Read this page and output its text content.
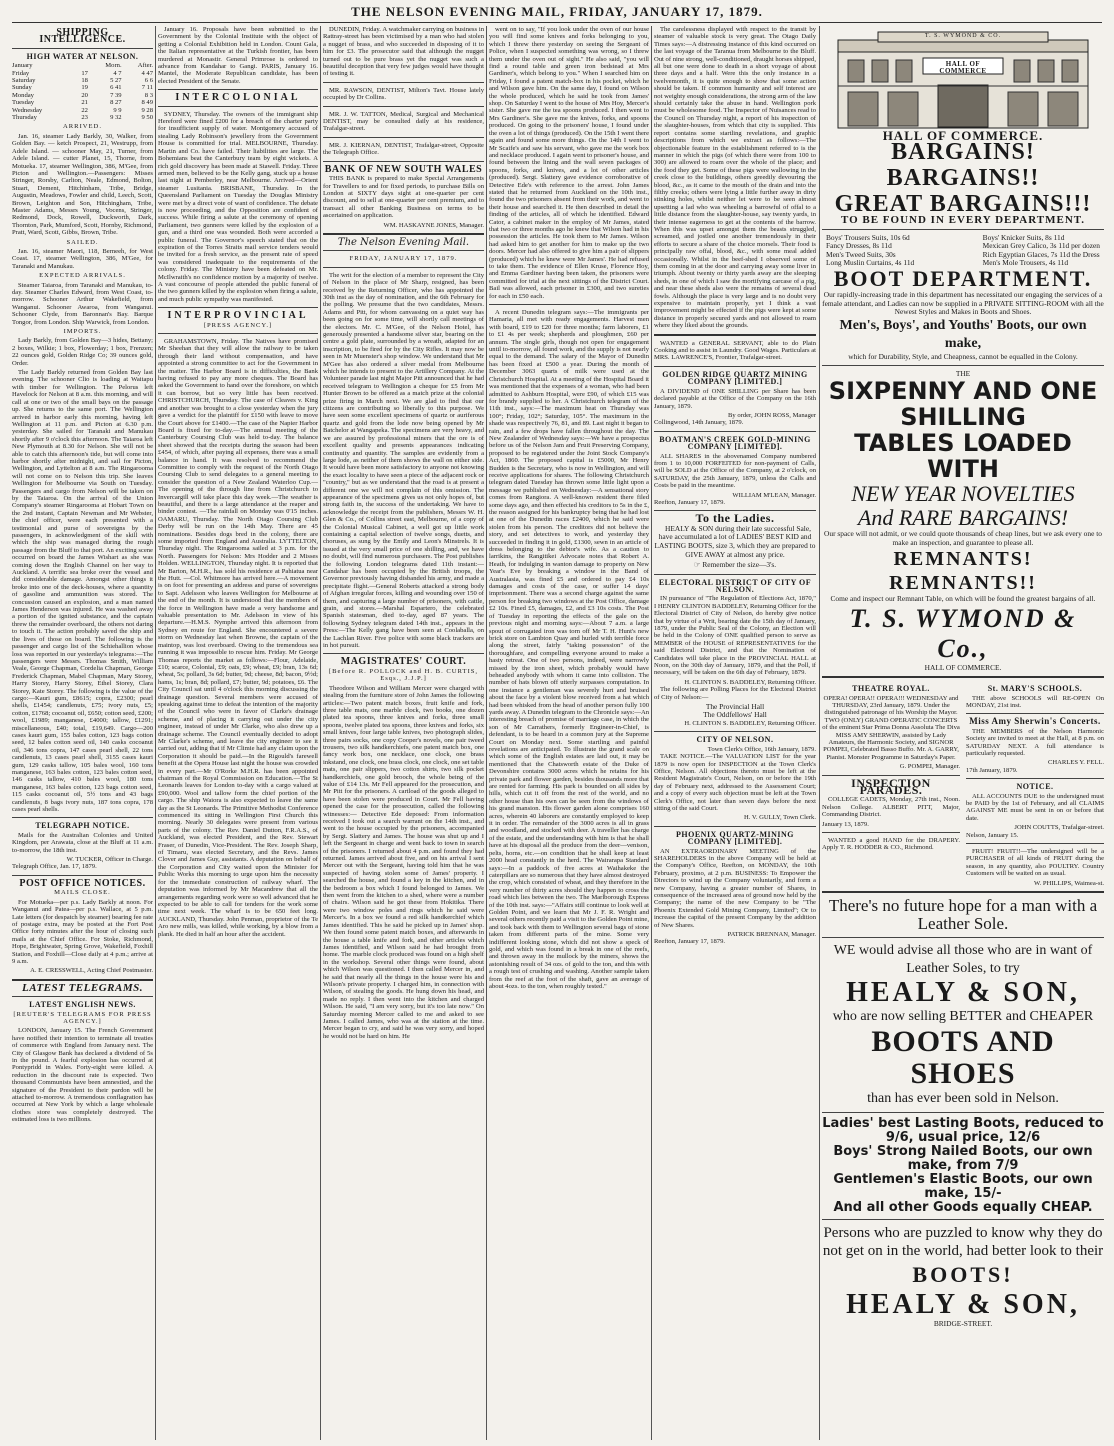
THE NELSON EVENING MAIL, FRIDAY, JANUARY 17, 1879.
SHIPPING INTELLIGENCE.
HIGH WATER AT NELSON.
January		Morn.	After.
Friday	17	4 7	4 47
Saturday	18	5 27	6 6
Sunday	19	6 41	7 11
Monday	20	7 39	8 3
Tuesday	21	8 27	8 49
Wednesday	22	9 9	9 28
Thursday	23	9 32	9 50
ARRIVED.

Jan. 16, steamer Lady Barkly, 30, Walker, from Golden Bay. — ketch Prospect, 21, Westrupp, from Adele Island. — schooner May, 21, Turner, from Adele Island. — cutter Planet, 15, Thorne, from Motueka. 17, steamer Wellington, 386, M'Gee, from Picton and Wellington.—Passengers: Misses Stringer, Rorsby, Carlton, Neale, Edmond, Bolton, Stuart, Dement, Hitchinham, Tribe, Bridge, Augustin, Meadows, Fowler and child, Leech, Scott, Brown, Leighton and Son, Hitchingham, Tribe, Master Adams, Messrs Young, Vocens, Stringer, Redmond, Dock, Rowell, Duckworth, Dark, Thornton, Park, Mumford, Scott, Hornby, Richmond, Pratt, Ward, Scott, Gibbs, Brown, Tribe.

SAILED.

Jan. 16, steamer Maori, 118, Berneeh, for West Coast. 17, steamer Wellington, 386, M'Gee, for Taranaki and Manukau.

EXPECTED ARRIVALS.

Steamer Taiaroa, from Taranaki and Manukau, to-day. Steamer Charles Edward, from West Coast, to-morrow. Schooner Arthur Wakefield, from Wanganui. Schooner Awaroa, from Wanganui. Schooner Clyde, from Baronnan's Bay. Barque Tongor, from London. Ship Warwick, from London.

IMPORTS.

Lady Barkly, from Golden Bay—3 hides, Bettany; 2 boxes, Wilkie; 1 box, Flowerday; 1 box, Frenzen; 22 ounces gold, Golden Ridge Co; 39 ounces gold, Order.

The Lady Barkly returned from Golden Bay last evening. The schooner Clio is loading at Waitapu with timber for Wellington. The Pelorus left Havelock for Nelson at 8 a.m. this morning, and will call at one or two of the small bays on the passage up. She returns to the same port. The Wellington arrived in harbor early this morning, having left Wellington at 11 p.m. and Picton at 6.30 p.m. yesterday. She sailed for Taranaki and Manukau shortly after 9 o'clock this afternoon. The Taiaroa left New Plymouth at 8.30 for Nelson. She will not be able to catch this afternoon's tide, but will come into harbor shortly after midnight, and sail for Picton, Wellington, and Lyttelton at 8 a.m. The Ringarooma will not come on to Nelson this trip. She leaves Wellington for Melbourne via South on Tuesday. Passengers and cargo from Nelson will be taken on by the Taiaroa. On the arrival of the Union Company's steamer Ringarooma at Hobart Town on the 2nd instant, Captain Newman and Mr Webster, the chief officer, were each presented with a testimonial and purse of sovereigns by the passengers, in acknowledgment of the skill with which the ship was managed during the rough passage from the Bluff to that port. An exciting scene occurred on board the James Wishart as she was coming down the English Channel on her way to Auckland. A terrific sea broke over the vessel and did considerable damage. Amongst other things it broke into one of the deck-houses, where a quantity of gasoline and ammunition was stored. The concussion caused an explosion, and a man named James Henderson was injured. He was washed away a portion of the ignited substance, and the captain threw the remainder overboard, the others not daring to touch it. The action probably saved the ship and the lives of those on board. The following is the passenger and cargo list of the Schiehallion whose loss was reported in our yesterday's telegrams:—The passengers were Messrs. Thomas Smith, William Veale, George Chapman, Cordelia Chapman, George Frederick Chapman, Mabel Chapman, Mary Storey, Harry Storey, Harry Storey, Ethel Storey, Clara Storey, Kate Storey. The following is the value of the cargo:—Kauri gum, £8615; copra, £2300; pearl shells, £1454; candlenuts, £75; ivory nuts, £5; cotton, £1768; cocoanut oil, £650; cotton seed, £200; wool, £1989; manganese, £4000; tallow, £1291; miscellaneous, £40; total, £19,649. Cargo—200 cases kauri gum, 155 bales cotton, 123 bags cotton seed, 12 bales cotton seed oil, 140 casks cocoanut oil, 346 tons copra, 147 cases pearl shell, 22 tons candlenuts, 13 cases pearl shell, 3155 cases kauri gum, 129 casks tallow, 105 bales wool, 160 tons manganese, 163 bales cotton, 123 bales cotton seed, 146 casks tallow, 410 bales wool, 180 tons manganese, 163 bales cotton, 123 bags cotton seed, 115 casks cocoanut oil, 5½ tons and 43 bags candlenuts, 8 bags ivory nuts, 187 tons copra, 178 cases pearl shells.

TELEGRAPH NOTICE.

Mails for the Australian Colonies and United Kingdom, per Arawata, close at the Bluff at 11 a.m. to-morrow, the 18th inst.

W. TUCKER, Officer in Charge.
Telegraph Office, Jan. 17, 1879.
POST OFFICE NOTICES.
MAILS CLOSE.

For Motueka—per p.s. Lady Barkly at noon. For Wanganui and Patea—per p.s. Wallace, at 5 p.m. Late letters (for despatch by steamer) bearing fee rate of postage extra, may be posted at the Fort Post Office forty minutes after the hour of closing such mails at the Chief Office. For Stoke, Richmond, Hope, Brightwater, Spring Grove, Wakefield, Foxhill Station, and Foxhill—Close daily at 4 p.m.; arrive at 9 a.m.

A. E. CRESSWELL, Acting Chief Postmaster.
LATEST TELEGRAMS.
LATEST ENGLISH NEWS.
[REUTER'S TELEGRAMS FOR PRESS AGENCY.]

LONDON, January 15. The French Government have notified their intention to terminate all treaties of commerce with England from January next. The City of Glasgow Bank has declared a dividend of 5s in the pound. A fearful explosion has occurred at Pontypridd in Wales. Forty-eight were killed. A reduction in the discount rate is expected. Two thousand Communists have been amnestied, and the signature of the President to their pardon will be attached to-morrow. A tremendous conflagration has occurred at New York by which a large wholesale clothes store was completely destroyed. The estimated loss is two millions.

January 16. Proposals have been submitted to the Government by the Colonial Institute with the object of getting a Colonial Exhibition held in London. Count Gala, the Italian representative at the Turkish frontier, has been murdered at Monastir. General Primrose is ordered to advance from Kandahar to Gangi. PARIS, January 16. Mantel, the Moderate Republican candidate, has been elected President of the Senate.

INTERCOLONIAL

SYDNEY, Thursday. The owners of the immigrant ship Hereford were fined £200 for a breach of the charter party for insufficient supply of water. Montgomery accused of stealing Lady Robinson's jewellery from the Government House is committed for trial. MELBOURNE, Thursday. Martin and Co. have failed. Their liabilities are large. The Bohemians beat the Canterbury team by eight wickets. A rich gold discovery has been made at Stawell. Friday. Three armed men, believed to be the Kelly gang, stuck up a house last night at Pemberley, near Melbourne. Arrived—Orient steamer Lusitania. BRISBANE, Thursday. In the Queensland Parliament on Tuesday the Douglas Ministry were met by a direct vote of want of confidence. The debate is now proceeding, and the Opposition are confident of success. While firing a salute at the ceremony of opening Parliament, two gunners were killed by the explosion of a gun, and a third one was wounded. Both were accorded a public funeral. The Governor's speech stated that on the expiration of the Torres Straits mail service tenders would be invited for a fresh service, as the present rate of speed was considered inadequate to the requirements of the colony. Friday. The Ministry have been defeated on Mr. McIlwraith's no confidence motion by a majority of twelve. A vast concourse of people attended the public funeral of the two gunners killed by the explosion when firing a salute, and much public sympathy was manifested.

INTERPROVINCIAL
[PRESS AGENCY.]

GRAHAMSTOWN, Friday. The Natives have promised Mr Sheehan that they will allow the railway to be taken through their land without compensation, and have appointed a strong committee to act for the Government in the matter. The Harbor Board is in difficulties, the Bank having refused to pay any more cheques. The Board has asked the Government to hand over the foreshore, on which it can borrow, but so very little has been received. CHRISTCHURCH, Thursday. The case of Cleaves v. King and another was brought to a close yesterday when the jury gave a verdict for the plaintiff for £150 with leave to move the Court above for £1400.—The case of the Napier Harbor Board is fixed for to-day.—The annual meeting of the Canterbury Coursing Club was held to-day. The balance sheet showed that the receipts during the season had been £454, of which, after paying all expenses, there was a small balance in hand. It was resolved to recommend the Committee to comply with the request of the North Otago Coursing Club to send delegates to a general meeting to consider the question of a New Zealand Waterloo Cup.—The opening of the through line from Christchurch to Invercargill will take place this day week.—The weather is beautiful, and there is a large attendance at the reaper and binder contest. —The rainfall on Monday was 0'15 inches. OAMARU, Thursday. The North Otago Coursing Club Derby will be run on the 14th May. There are 45 nominations. Besides dogs bred in the colony, there are some imported from England and Australia. LYTTELTON, Thursday night. The Ringarooma sailed at 3 p.m. for the North. Passengers for Nelson: Mrs Hodder and 2 Misses Holden. WELLINGTON, Thursday night. It is reported that Mr Barton, M.H.R., has sold his residence at Pahiatua near the Hutt. —Col. Whitmore has arrived here.—A movement is on foot for presenting an address and purse of sovereigns to Sapt. Adelsson who leaves Wellington for Melbourne at the end of the month. It is understood that the members of the force in Wellington have made a very handsome and valuable presentation to Mr. Adelsson in view of his departure.—H.M.S. Nymphe arrived this afternoon from Sydney en route for England. She encountered a severe storm on Wednesday last when Browne, the captain of the maintop, was lost overboard. Owing to the tremendous sea running it was impossible to rescue him. Friday. Mr George Thomas reports the market as follows:—Flour, Adelaide, £10; scarce, Colonial, £9; oats, £9; wheat, £9; bran, 13s 6d; wheat, 5s; pollard, 3s 6d; butter, 9d; cheese, 8d; bacon, 9½d; hams, 1s; bran, 8d; pollard, £7; butter, 9d; potatoes, £6. The City Council sat until 4 o'clock this morning discussing the drainage question. Several members were accused of speaking against time to defeat the intention of the majority of the Council who were in favor of Clarke's drainage scheme, and of placing it carrying out under the city engineer, instead of under Mr Clarke, who also drew up a drainage scheme. The Council eventually decided to adopt Mr Clarke's scheme, and leave the city engineer to see it carried out, adding that if Mr Climie had any claim upon the Corporation it should be paid.—In the Rigould's farewell benefit at the Opera House last night the house was crowded in every part.—Mr O'Rorke M.H.R. has been appointed chairman of the Royal Commission on Education.—The St Leonards leaves for London to-day with a cargo valued at £90,000. Wool and tallow form the chief portion of the cargo. The ship Waiora is also expected to leave the same day as the St Leonards. The Primitive Methodist Conference commenced its sitting in Wellington First Church this morning. Nearly 30 delegates were present from various parts of the colony. The Rev. Daniel Dutton, F.R.A.S., of Auckland, was elected President, and the Rev. Stewart Fraser, of Dunedin, Vice-President. The Rev. Joseph Sharp, of Timaru, was elected Secretary, and the Revs. James Clover and James Guy, assistants. A deputation on behalf of the Corporation and City waited upon the Minister for Public Works this morning to urge upon him the necessity for the immediate construction of railway wharf. The deputation was informed by Mr Macandrew that all the arrangements regarding work were so well advanced that he expected to be able to call for tenders for the work some time next week. The wharf is to be 650 feet long. AUCKLAND, Thursday. John Penman, proprietor of the Te Aro new mills, was killed, while working, by a blow from a plank. He died in half an hour after the accident.

DUNEDIN, Friday. A watchmaker carrying on business in Rattray-street has been victimised by a man who had stolen a nugget of brass, and who succeeded in disposing of it to him for £3. The prosecutor said that although the nugget turned out to be pure brass yet the nugget was such a beautiful deception that very few judges would have thought of testing it.

MR. RAWSON, DENTIST, Milton's Tavt. House lately occupied by Dr Collins.

MR. J. W. TATTON, Medical, Surgical and Mechanical DENTIST, may be consulted daily at his residence, Trafalgar-street.

MR. J. KIERNAN, DENTIST, Trafalgar-street, Opposite the Telegraph Office.

BANK OF NEW SOUTH WALES

THIS BANK is prepared to make Special Arrangements for Travellers to and for fixed periods, to purchase Bills on London at SIXTY days sight at one-quarter per cent discount, and to sell at one-quarter per cent premium, and to transact all other Banking Business on terms to be ascertained on application.

WM. HASKAYNE JONES, Manager.
The Nelson Evening Mail.
FRIDAY, JANUARY 17, 1879.

The writ for the election of a member to represent the City of Nelson in the place of Mr Sharp, resigned, has been received by the Returning Officer, who has appointed the 30th inst as the day of nomination, and the 6th February for the polling. We presume that the two candidates, Messrs. Adams and Pitt, for whom canvassing on a quiet way has been going on for some time, will shortly call meetings of the electors. Mr. C. M'Gee, of the Nelson Hotel, has generously presented a handsome silver star, bearing on the centre a gold plate, surrounded by a wreath, adapted for an inscription, to be fired for by the City Rifles. It may now be seen in Mr Muenster's shop window. We understand that Mr M'Gee has also ordered a silver medal from Melbourne which he intends to present to the Artillery Company. At the Volunteer parade last night Major Pitt announced that he had received telegram to Wellington a cheque for £5 from Mr Hunter Brown to be offered as a match prize at the colonial prize firing in March next. We are glad to find that our citizens are contributing so liberally to this purpose. We have seen some excellent specimens of quartz or auriferous quartz and gold from the lode now being opened by Mr Batchelor at Wangapeka. The specimens are very heavy, and we are assured by professional miners that the ore is of excellent quality and presents appearances indicating continuity and quantity. The samples are evidently from a large lode, as neither of them shows the wall on either side. It would have been more satisfactory to anyone not knowing the exact locality to have seen a piece of the adjacent rock or "country," but as we understand that the road is at present a different one we will not complain of this omission. The appearance of the specimens gives us not only hopes of, but strong faith in, the success of the undertaking. We have to acknowledge the receipt from the publishers, Messrs W. H. Glen & Co., of Collins street east, Melbourne, of a copy of the Colonial Musical Cabinet, a well got up little work containing a capital selection of twelve songs, duetts, and choruses, as sung by the Emily and Leon's Minstrels. It is issued at the very small price of one shilling, and, we have no doubt, will find numerous purchasers. The Post publishes the following London telegrams dated 11th instant:—Candahar has been occupied by the British troops, the Governor previously having disbanded his army, and made a precipitate flight.—General Roberts attacked a strong body of Afghan irregular forces, killing and wounding over 150 of them, and capturing a large number of prisoners, with cattle, grain, and stores.—Marshal Espartero, the celebrated Spanish statesman, died to-day, aged 87 years. The following Sydney telegram dated 14th inst., appears in the Press:—The Kelly gang have been seen at Coolaballa, on the Lachlan River. Five police with some black trackers are in hot pursuit.

MAGISTRATES' COURT.
[Before R. POLLOCK and H. B. CURTIS, Esqs., J.J.P.]

Theodore Wilson and William Mercer were charged with stealing from the furniture store of John James the following articles:—Two patent match boxes, fruit knife and fork, three table mats, one marble clock, two books, one dozen plated tea spoons, three knives and forks, three small spoons, twelve plated tea spoons, three knives and forks, six small knives, four large table knives, two photograph slides, three pairs socks, one copy Cooper's novels, one pair tweed trousers, two silk handkerchiefs, one patent match box, one fancy work box, one necklace, one clock, one brass inkstand, one clock, one brass clock, one clock, one set table mats, one pair slippers, two cotton shirts, two silk pocket handkerchiefs, one gold brooch, the whole being of the value of £14 13s. Mr Fell appeared for the prosecution, and Mr Pitt for the prisoners. A cartload of the goods alleged to have been stolen were produced in Court. Mr Fell having opened the case for the prosecution, called the following witnesses:— Detective Ede deposed: From information received I took out a search warrant on the 14th inst., and went to the house occupied by the prisoners, accompanied by Sergt. Slattery and James. The house was shut up and I left the Sergeant in charge and went back to town in search of the prisoners. I returned about 4 p.m. and found they had returned. James arrived about five, and on his arrival I sent Mercer out with the Sergeant, having told him that he was suspected of having stolen some of James' property. I searched the house, and found a key in the kitchen, and in the bedroom a box which I found belonged to James. We then went from the kitchen to a shed, where were a number of chairs. Wilson said he got these from Hokitika. There were two window poles and rings which he said were Mercer's. In a box we found a red silk handkerchief which James identified. This he said he picked up in James' shop. We then found some patent match boxes, and afterwards in the house a table knife and fork, and other articles which James identified, and Wilson said he had brought from home. The marble clock produced was found on a high shelf in the workshop. Several other things were found, about which Wilson was questioned. I then called Mercer in, and he said that nearly all the things in the house were his and Wilson's private property. I charged him, in connection with Wilson, of stealing the goods. He hung down his head, and made no reply. I then went into the kitchen and charged Wilson. He said, "I am very sorry, but it's too late now." On Saturday morning Mercer called to me and asked to see James. I called James, who was at the station at the time. Mercer began to cry, and said he was very sorry, and hoped he would not be hard on him. He

went on to say, "If you look under the oven of our house you will find some knives and forks belonging to you, which I threw there yesterday on seeing the Sergeant of Police, when I suspected something was wrong, so I threw them under the oven out of sight." He also said, "you will find a round table and green iron bedstead at Mrs Gardiner's, which belong to you." When I searched him on Friday, I found a patent match-box in his pocket, which he and Wilson gave him. On the same day, I found on Wilson the whole produced, which he said he took from James' shop. On Saturday I went to the house of Mrs Hoy, Mercer's sister. She gave me the tea spoons produced. I then went to Mrs Gardiner's. She gave me the knives, forks, and spoons produced. On going to the prisoners' house, I found under the oven a lot of things (produced). On the 15th I went there again and found some more things. On the 14th I went to Mr Scaife's and saw his servant, who gave me the work box and necklace produced. I again went to prisoner's house, and found between the lining and the wall seven packages of spoons, forks, and knives, and a lot of other articles (produced). Sergt. Slattery gave evidence corroborative of Detective Ede's with reference to the arrest. John James stated that he returned from Auckland on the 10th inst., found the two prisoners absent from their work, and went to their house and searched it. He then described in detail the finding of the articles, all of which he identified. Edward Cator, a cabinet maker in the employ of Mr James, stated that two or three months ago he knew that Wilson had in his possession the articles. He took them to Mr James. Wilson had asked him to get another for him to make up the two doors. Mercer had also offered to give him a pair of slippers (produced) which he knew were Mr James'. He had refused to take them. The evidence of Ellen Kruse, Florence Hoy, and Emma Gardiner having been taken, the prisoners were committed for trial at the next sittings of the District Court. Bail was allowed, each prisoner in £300, and two sureties for each in £50 each.

A recent Dunedin telegram says:—The immigrants per Hamaria, all met with ready engagements. Harvest men with board, £19 to £20 for three months; farm laborers, £1 to £1 4s per week; shepherds and ploughmen, £60 per annum. The single girls, though not open for engagement until to-morrow, all found work, and the supply is not nearly equal to the demand. The salary of the Mayor of Dunedin has been fixed at £500 a year. During the month of December 3063 quarts of milk were used at the Christchurch Hospital. At a meeting of the Hospital Board it was mentioned that the expenses of a woman, who had been admitted to Ashburn Hospital, were £90, of which £15 was for brandy supplied to her. A Christchurch telegram of the 11th inst., says:—The maximum heat on Thursday was 100°; Friday, 102°; Saturday, 105°. The maximum in the shade was respectively 76, 81, and 89. Last night it began to rain, and a few drops have fallen throughout the day. The New Zealander of Wednesday says:—We have a prospectus before us of the Nelson Jam and Fruit Preserving Company, proposed to be registered under the Joint Stock Company's Act, 1860. The proposed capital is £5000, Mr Henry Budden is the Secretary, who is now in Wellington, and will receive applications for shares. The following Christchurch telegram dated Tuesday has thrown some little light upon a message we published on Wednesday:—A sensational story comes from Rangiora. A well-known resident there filed some days ago, and then effected his creditors to 5s in the £, the reason assigned for his bankruptcy being that he had lost at one of the Dunedin races £2400, which he said were stolen from his person. The creditors did not believe the story, and set detectives to work, and yesterday they succeeded in finding it in gold, £1300, sewn in an article of dress belonging to the debtor's wife. As a caution to larrikins, the Rangitikei Advocate notes that Robert A. Heath, for indulging in wanton damage to property on New Year's Eve by breaking a window in the Band of Australasia, was fined £5 and ordered to pay £4 10s damages and costs of the case, or suffer 14 days' imprisonment. There was a second charge against the same person for breaking two windows at the Post Office, damage £2 10s. Fined £5, damages, £2, and £3 10s costs. The Post of Tuesday in reporting the effects of the gale on the previous night and morning says:—About 7 a.m. a large spout of corrugated iron was torn off Mr T. H. Hunt's new brick store on Lambton Quay and hurled with terrible force along the street, fairly "taking possession" of the thoroughfare, and compelling everyone around to make a hasty retreat. One of two persons, indeed, were narrowly missed by the iron sheet, which probably would have beheaded anybody with whom it came into collision. The number of hats blown off utterly surpasses computation. In one instance a gentleman was severely hurt and bruised about the face by a violent blow received from a hat which had been whisked from the head of another person fully 100 yards away. A Dunedin telegram to the Chronicle says:—An interesting breach of promise of marriage case, in which the son of Mr Carrathers, formerly Engineer-in-Chief, is defendant, is to be heard in a common jury at the Supreme Court on Monday next. Some startling and painful revelations are anticipated. To illustrate the grand scale on which some of the English estates are laid out, it may be mentioned that the Chatsworth estate of the Duke of Devonshire contains 3000 acres which he retains for his private park and flower garden, besides thousands more that are rented for farming. His park is bounded on all sides by hills, which cut it off from the rest of the world, and no other house than his own can be seen from the windows of his grand mansion. His flower garden alone comprises 160 acres, wherein 40 laborers are constantly employed to keep it in order. The remainder of the 3000 acres is all in grass and woodland, and stocked with deer. A traveller has charge of the estate, and the understanding with him is that he shall have at his disposal all the produce from the deer—venison, pelts, horns, etc.—on condition that he shall keep at least 2000 head constantly in the herd. The Wairarapa Standard says:—In a paddock of five acres at Waihakeke the caterpillars are so numerous that they have almost destroyed the crop, which consisted of wheat, and they therefore in the very number of thirty acres should they happen to cross the road which lies between the two. The Marlborough Express of the 10th inst. says:—"Affairs still continue to look well at Golden Point, and we learn that Mr J. F. R. Wright and several others recently paid a visit to the Golden Point mine, and took back with them to Wellington several bags of stone taken from different parts of the mine. Some very indifferent looking stone, which did not show a speck of gold, and which was found in a break in one of the reefs, and thrown away in the mullock by the miners, shows the astonishing result of 34 ozs. of gold to the ton, and this with a rough test of crushing and washing. Another sample taken from the reef at the foot of the shaft, gave an average of about 4ozs. to the ton, when roughly tested."

The carelessness displayed with respect to the transit by steamer of valuable stock is very great. The Otago Daily Times says:—A distressing instance of this kind occurred on the last voyage of the Taranua from Melbourne to the Bluff. Out of nine strong, well-conditioned, draught horses shipped, all but one were done to death in a short voyage of about three days and a half. Were this the only instance in a twelvemonth, it is quite enough to show that some action should be taken. If common humanity and self interest are not weighty enough considerations, the strong arm of the law should certainly take the abuse in hand. Wellington pork must be wholesome food. The Inspector of Nuisances read to the Council on Thursday night, a report of his inspection of the slaughter-houses, from which that city is supplied. This report contains some startling revelations, and graphic descriptions from which we extract as follows:—The objectionable feature in the establishment referred to is the manner in which the pigs (of which there were from 100 to 300) are allowed to roam over the whole of the place; and the food they get. Some of these pigs were wallowing in the creek close to the buildings, others greedily devouring the blood, &c., as it came to the mouth of the drain and into the filthy creeks; others were lying a little further away in dirty stinking holes, whilst neither let were to be seen almost upsetting a lad who was wheeling a barrowful of offal to a little distance from the slaughter-house, say twenty yards, in their intense eagerness to get at the contents of the barrow. When this was upset amongst them the beasts struggled, screamed, and jostled one another tremendously in their efforts to secure a share of the choice morsels. Their food is principally raw offal, blood, &c., with some meal added occasionally. Whilst in the beef-shed I observed some of them coming in at the door and carrying away some liver in triumph. About twenty or thirty yards away are the sleeping sheds, in one of which I saw the mortifying carcase of a pig, and near these sheds also were the remains of several dead fowls. Although the place is very large and is no doubt very expensive to maintain properly, yet I think a vast improvement might be effected if the pigs were kept at some distance in properly secured yards and not allowed to roam where they liked about the grounds.

WANTED a GENERAL SERVANT, able to do Plain Cooking and to assist in Laundry. Good Wages. Particulars at MRS. LAWRENCE'S, Frontier, Trafalgar-street.

GOLDEN RIDGE QUARTZ MINING COMPANY [LIMITED.]

A DIVIDEND of ONE SHILLING per Share has been declared payable at the Office of the Company on the 16th January, 1879.

By order, JOHN ROSS, Manager
Collingwood, 14th January, 1879.
BOATMAN'S CREEK GOLD-MINING COMPANY [LIMITED].

ALL SHARES in the abovenamed Company numbered from 1 to 10,000 FORFEITED for non-payment of Calls, will be SOLD at the Office of the Company, at 2 o'clock, on SATURDAY, the 25th January, 1879, unless the Calls and Costs be paid in the meantime.

WILLIAM M'LEAN, Manager.
Reefton, January 17, 1879.
To the Ladies.

HEALY & SON during their late successful Sale, have accumulated a lot of LADIES' BEST KID and LASTING BOOTS, size 3, which they are prepared to GIVE AWAY at almost any price.

☞ Remember the size—3's.
ELECTORAL DISTRICT OF CITY OF NELSON.

IN pursuance of "The Regulation of Elections Act, 1870," I HENRY CLINTON BADDELEY, Returning Officer for the Electoral District of City of Nelson, do hereby give notice that by virtue of a Writ, bearing date the 15th day of January, 1879, under the Public Seal of the Colony, an Election will be held in the Colony of ONE qualified person to serve as MEMBER of the HOUSE of REPRESENTATIVES for the said Electoral District, and that the Nomination of Candidates will take place in the PROVINCIAL HALL at Noon, on the 30th day of January, 1879, and that the Poll, if necessary, will be taken on the 6th day of February, 1879.

H. CLINTON S. BADDELEY, Returning Officer.

The following are Polling Places for the Electoral District of City of Nelson:—

The Provincial Hall
The Oddfellows' Hall
H. CLINTON S. BADDELEY, Returning Officer.
CITY OF NELSON.
Town Clerk's Office, 16th January, 1879.

TAKE NOTICE.—The VALUATION LIST for the year 1879 is now open for INSPECTION at the Town Clerk's Office, Nelson. All objections thereto must be left at the Resident Magistrate's Court, Nelson, on or before the 19th day of February next, addressed to the Assessment Court; and a copy of every such objection must be left at the Town Clerk's Office, not later than seven days before the next sitting of the said Court.

H. V. GULLY, Town Clerk.
PHOENIX QUARTZ-MINING COMPANY [LIMITED].

AN EXTRAORDINARY MEETING of the SHAREHOLDERS in the above Company will be held at the Company's Office, Reefton, on MONDAY, the 10th February, proximo, at 2 p.m. BUSINESS: To Empower the Directors to wind up the Company voluntarily, and form a new Company, having a greater number of Shares, in consequence of the increased area of ground now held by the Company; the name of the new Company to be "The Phoenix Extended Gold Mining Company, Limited"; Or to increase the capital of the present Company by the addition of New Shares.

PATRICK BRENNAN, Manager.
Reefton, January 17, 1879.
HALL OF COMMERCE
T. S. WYMOND & CO.
HALL OF COMMERCE.
BARGAINS! BARGAINS!!
GREAT BARGAINS!!!
TO BE FOUND IN EVERY DEPARTMENT.
Boys' Trousers Suits, 10s 6d
Fancy Dresses, 8s 11d
Men's Tweed Suits, 30s
Long Muslin Curtains, 4s 11d
Boys' Knicker Suits, 8s 11d
Mexican Grey Calico, 3s 11d per dozen
Rich Egyptian Glaces, 7s 11d the Dress
Men's Mole Trousers, 4s 11d
BOOT DEPARTMENT.
Our rapidly-increasing trade in this department has necessitated our engaging the services of a female attendant, and Ladies can now be supplied in a PRIVATE SITTING-ROOM with all the Newest Styles and Makes in Boots and Shoes.
Men's, Boys', and Youths' Boots, our own make,
which for Durability, Style, and Cheapness, cannot be equalled in the Colony.
THE
SIXPENNY AND ONE SHILLING
TABLES LOADED WITH
NEW YEAR NOVELTIES
And RARE BARGAINS!
Our space will not admit, or we could quote thousands of cheap lines, but we ask every one to make an inspection, and guarantee to please all.
REMNANTS! REMNANTS!!
Come and inspect our Remnant Table, on which will be found the greatest bargains of all.
T. S. WYMOND & Co.,
HALL OF COMMERCE.
THEATRE ROYAL.

OPERA! OPERA!! OPERA!!! WEDNESDAY and THURSDAY, 23rd January, 1879. Under the distinguished patronage of his Worship the Mayor. TWO (ONLY) GRAND OPERATIC CONCERTS of the eminent Star Prima Donna Assoluta The Diva MISS AMY SHERWIN, assisted by Lady Amateurs, the Harmonic Society, and SIGNOR POMPEI, Celebrated Basso Buffo. Mr. A. GARRY, Pianist. Monster Programme in Saturday's Paper.

G. POMPEI, Manager.
INSPECTION PARADES.

COLLEGE CADETS, Monday, 27th inst., Noon. Nelson College. ALBERT PITT, Major, Commanding District.

January 13, 1879.

WANTED a good HAND for the DRAPERY. Apply T. R. HODDER & CO., Richmond.

St. MARY'S SCHOOLS.

THE above SCHOOLS will RE-OPEN On MONDAY, 21st inst.

Miss Amy Sherwin's Concerts.

THE MEMBERS of the Nelson Harmonic Society are invited to meet at the Hall, at 8 p.m. on SATURDAY NEXT. A full attendance is particularly requested.

CHARLES Y. FELL.
17th January, 1879.
NOTICE.

ALL ACCOUNTS DUE to the undersigned must be PAID by the 1st of February, and all CLAIMS AGAINST ME must be sent in on or before that date.

JOHN COUTTS, Trafalgar-street.
Nelson, January 15.

FRUIT! FRUIT!!—The undersigned will be a PURCHASER of all kinds of FRUIT during the season, in any quantity, also POULTRY. Country Customers will be waited on as usual.

W. PHILLIPS, Waimea-st.
There's no future hope for a man with a Leather Sole.
WE would advise all those who are in want of Leather Soles, to try
HEALY & SON,
who are now selling BETTER and CHEAPER
BOOTS AND SHOES
than has ever been sold in Nelson.
Ladies' best Lasting Boots, reduced to 9/6, usual price, 12/6
Boys' Strong Nailed Boots, our own make, from 7/9
Gentlemen's Elastic Boots, our own make, 15/-
And all other Goods equally CHEAP.
Persons who are puzzled to know why they do not get on in the world, had better look to their
BOOTS!
HEALY & SON,
BRIDGE-STREET.
